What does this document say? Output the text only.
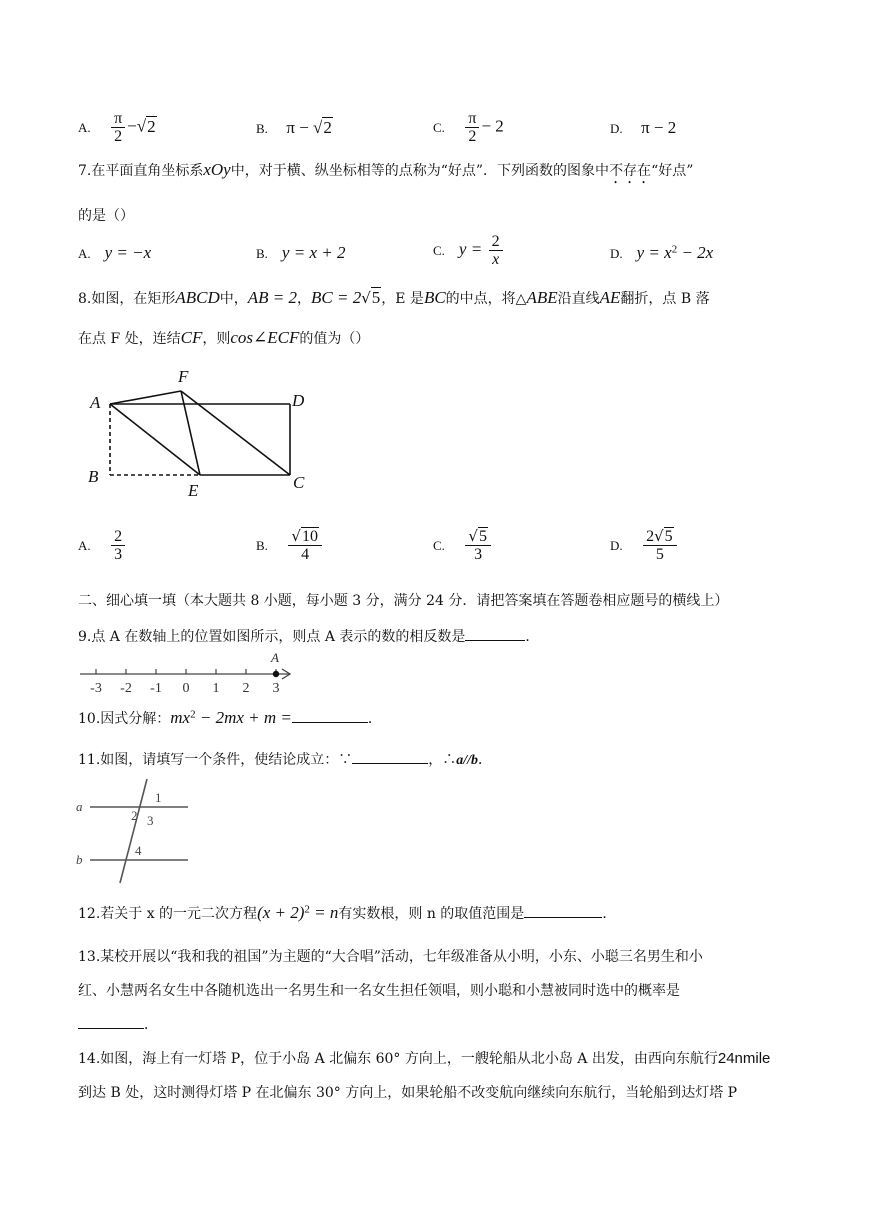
A. $\frac{\pi}{2} -√2$	B. π − √2	C. $\frac{\pi}{2} - 2$	D. π − 2
7.在平面直角坐标系xOy中，对于横、纵坐标相等的点称为“好点”．下列函数的图象中不存在“好点”
的是（）
A. y = −x	B. y = x + 2	C. $y = \frac{2}{x}$	D. $y = x^2 - 2x$
8.如图，在矩形ABCD中，AB = 2，BC = 2√5，E 是BC的中点，将△ABE沿直线AE翻折，点 B 落
在点 F 处，连结CF，则cos∠ECF的值为（）
A
F
D
B
E	C
A. $\frac{2}{3}$	B. $\frac{√10}{4}$	C. $\frac{√5}{3}$	D. $\frac{2√5}{5}$
二、细心填一填（本大题共 8 小题，每小题 3 分，满分 24 分．请把答案填在答题卷相应题号的横线上）
9.点 A 在数轴上的位置如图所示，则点 A 表示的数的相反数是	．
-3 -2 -1 0 1 2 3
A
10.因式分解：$mx^2 - 2mx + m$ =	．
11.如图，请填写一个条件，使结论成立：∵	，∴a//b．
a
b
1
2 3
4
12.若关于 x 的一元二次方程$(x + 2)^2 = n$有实数根，则 n 的取值范围是	．
13.某校开展以“我和我的祖国”为主题的“大合唱”活动，七年级准备从小明，小东、小聪三名男生和小
红、小慧两名女生中各随机选出一名男生和一名女生担任领唱，则小聪和小慧被同时选中的概率是
．
14.如图，海上有一灯塔 P，位于小岛 A 北偏东 60° 方向上，一艘轮船从北小岛 A 出发，由西向东航行24nmile
到达 B 处，这时测得灯塔 P 在北偏东 30° 方向上，如果轮船不改变航向继续向东航行，当轮船到达灯塔 P
